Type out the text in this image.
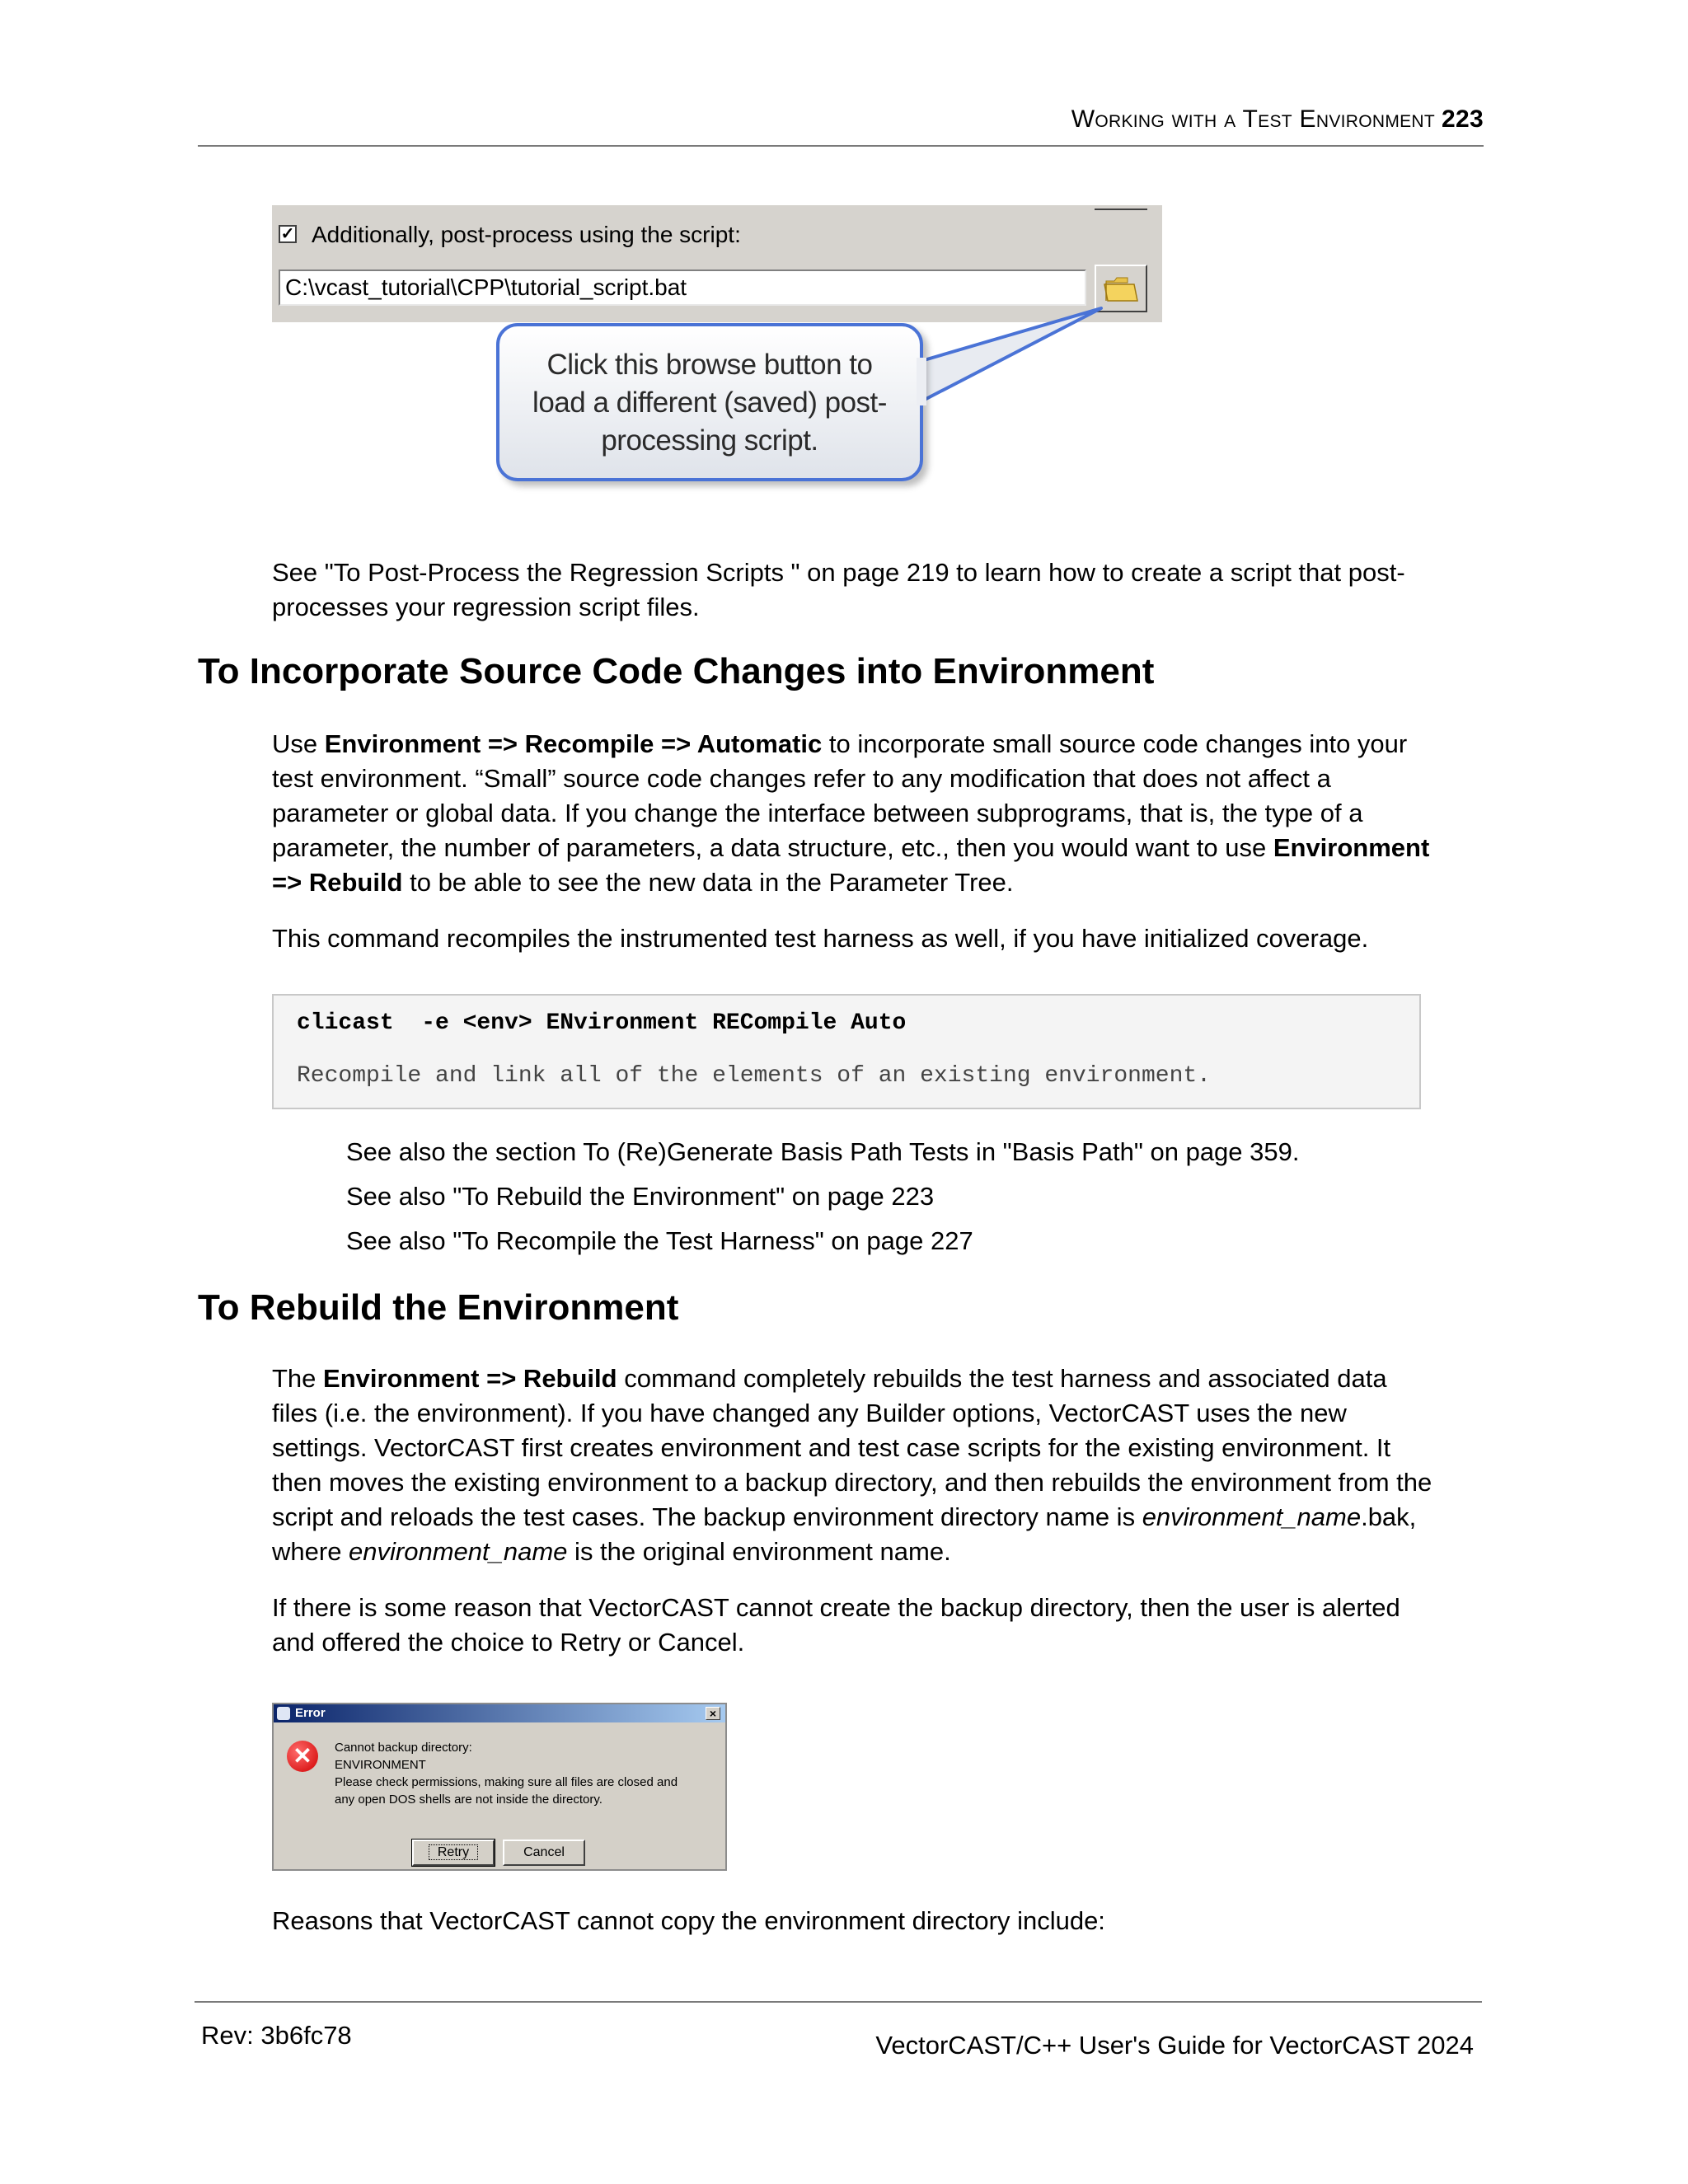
Working with a Test Environment 223
✓ Additionally, post-process using the script:
C:\vcast_tutorial\CPP\tutorial_script.bat
Click this browse button to
load a different (saved) post-
processing script.
See "To Post-Process the Regression Scripts " on page 219 to learn how to create a script that post-
processes your regression script files.
To Incorporate Source Code Changes into Environment
Use Environment => Recompile => Automatic to incorporate small source code changes into your
test environment. “Small” source code changes refer to any modification that does not affect a
parameter or global data. If you change the interface between subprograms, that is, the type of a
parameter, the number of parameters, a data structure, etc., then you would want to use Environment
=> Rebuild to be able to see the new data in the Parameter Tree.
This command recompiles the instrumented test harness as well, if you have initialized coverage.
clicast  -e <env> ENvironment RECompile Auto
Recompile and link all of the elements of an existing environment.
See also the section To (Re)Generate Basis Path Tests in "Basis Path" on page 359.
See also "To Rebuild the Environment" on page 223
See also "To Recompile the Test Harness" on page 227
To Rebuild the Environment
The Environment => Rebuild command completely rebuilds the test harness and associated data
files (i.e. the environment). If you have changed any Builder options, VectorCAST uses the new
settings. VectorCAST first creates environment and test case scripts for the existing environment. It
then moves the existing environment to a backup directory, and then rebuilds the environment from the
script and reloads the test cases. The backup environment directory name is environment_name.bak,
where environment_name is the original environment name.
If there is some reason that VectorCAST cannot create the backup directory, then the user is alerted
and offered the choice to Retry or Cancel.
Error	×
✕	Cannot backup directory:
ENVIRONMENT
Please check permissions, making sure all files are closed and
any open DOS shells are not inside the directory.
Retry	Cancel
Reasons that VectorCAST cannot copy the environment directory include:
Rev: 3b6fc78	VectorCAST/C++ User's Guide for VectorCAST 2024
